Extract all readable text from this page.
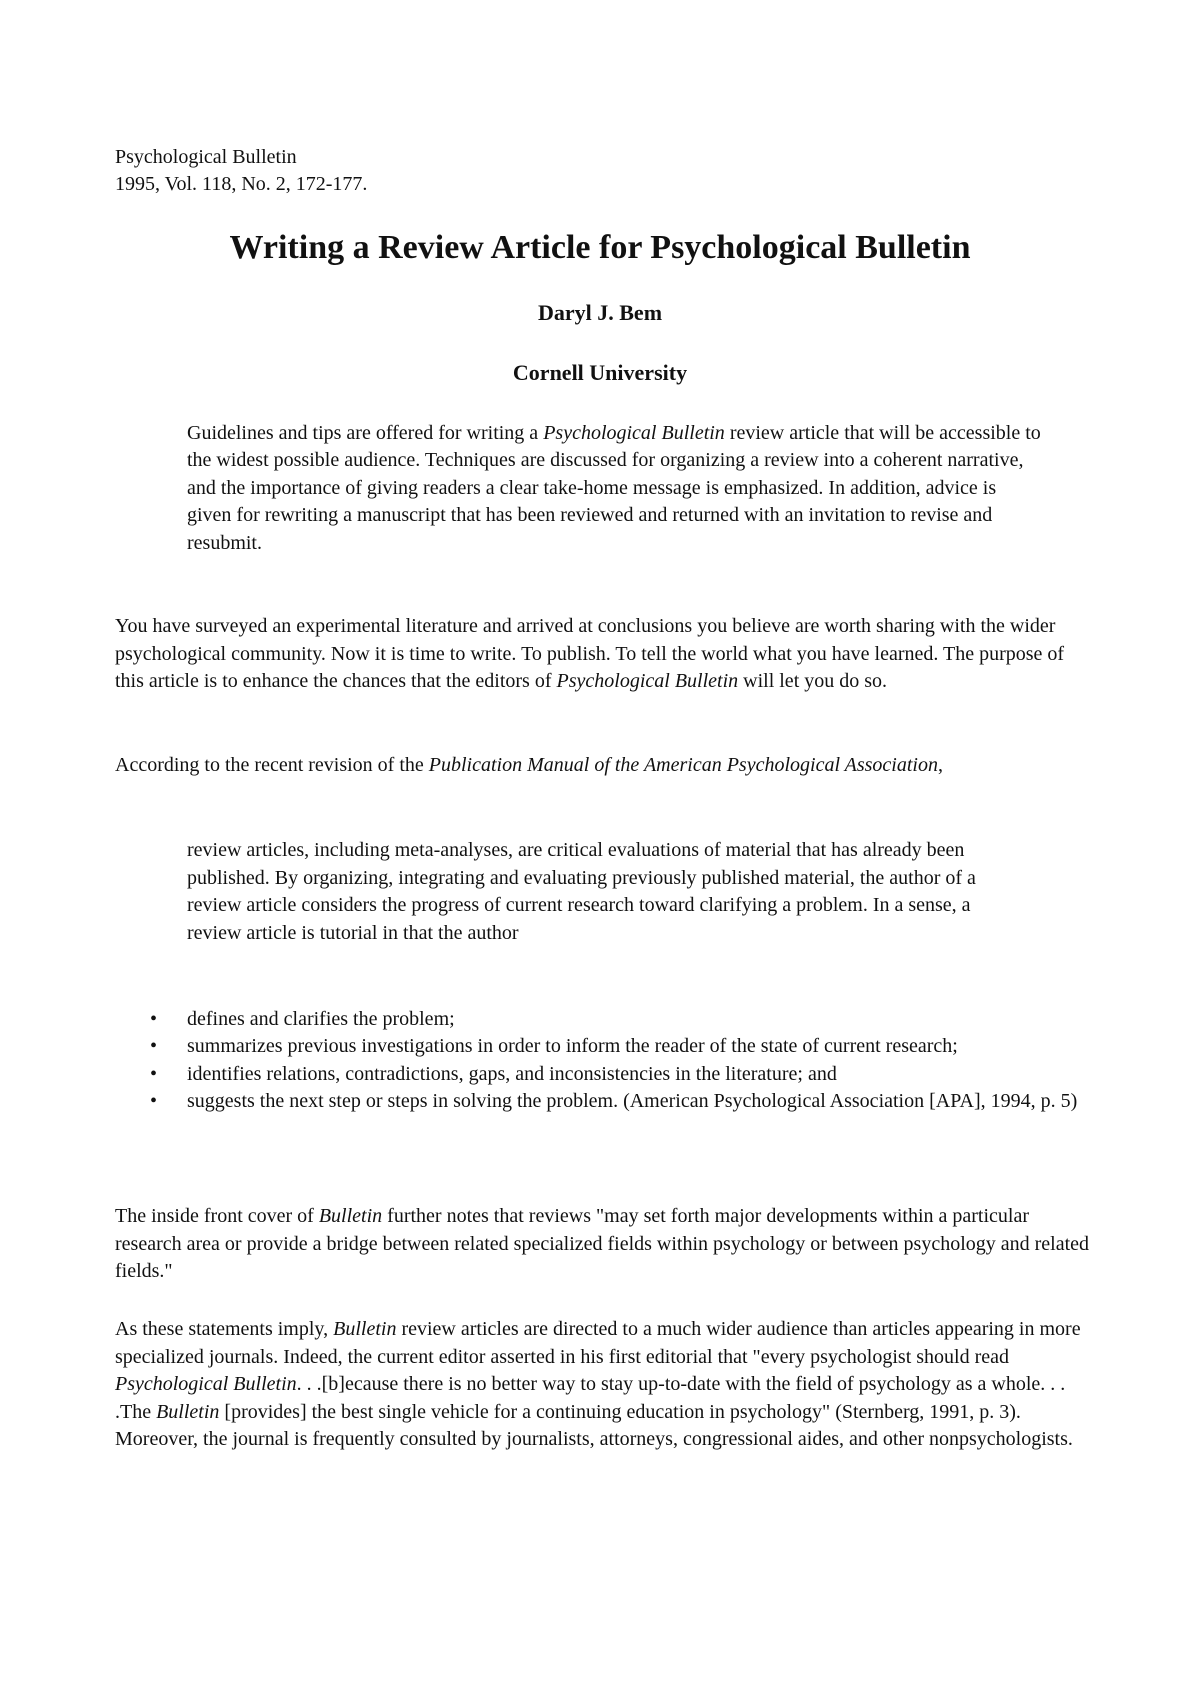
Psychological Bulletin
1995, Vol. 118, No. 2, 172-177.
Writing a Review Article for Psychological Bulletin
Daryl J. Bem
Cornell University

Guidelines and tips are offered for writing a Psychological Bulletin review article that will be accessible to the widest possible audience. Techniques are discussed for organizing a review into a coherent narrative, and the importance of giving readers a clear take-home message is emphasized. In addition, advice is given for rewriting a manuscript that has been reviewed and returned with an invitation to revise and resubmit.

You have surveyed an experimental literature and arrived at conclusions you believe are worth sharing with the wider psychological community. Now it is time to write. To publish. To tell the world what you have learned. The purpose of this article is to enhance the chances that the editors of Psychological Bulletin will let you do so.

According to the recent revision of the Publication Manual of the American Psychological Association,

review articles, including meta-analyses, are critical evaluations of material that has already been published. By organizing, integrating and evaluating previously published material, the author of a review article considers the progress of current research toward clarifying a problem. In a sense, a review article is tutorial in that the author

• defines and clarifies the problem;
• summarizes previous investigations in order to inform the reader of the state of current research;
• identifies relations, contradictions, gaps, and inconsistencies in the literature; and
• suggests the next step or steps in solving the problem. (American Psychological Association [APA], 1994, p. 5)

The inside front cover of Bulletin further notes that reviews "may set forth major developments within a particular research area or provide a bridge between related specialized fields within psychology or between psychology and related fields."

As these statements imply, Bulletin review articles are directed to a much wider audience than articles appearing in more specialized journals. Indeed, the current editor asserted in his first editorial that "every psychologist should read Psychological Bulletin. . .[b]ecause there is no better way to stay up-to-date with the field of psychology as a whole. . . .The Bulletin [provides] the best single vehicle for a continuing education in psychology" (Sternberg, 1991, p. 3). Moreover, the journal is frequently consulted by journalists, attorneys, congressional aides, and other nonpsychologists.
